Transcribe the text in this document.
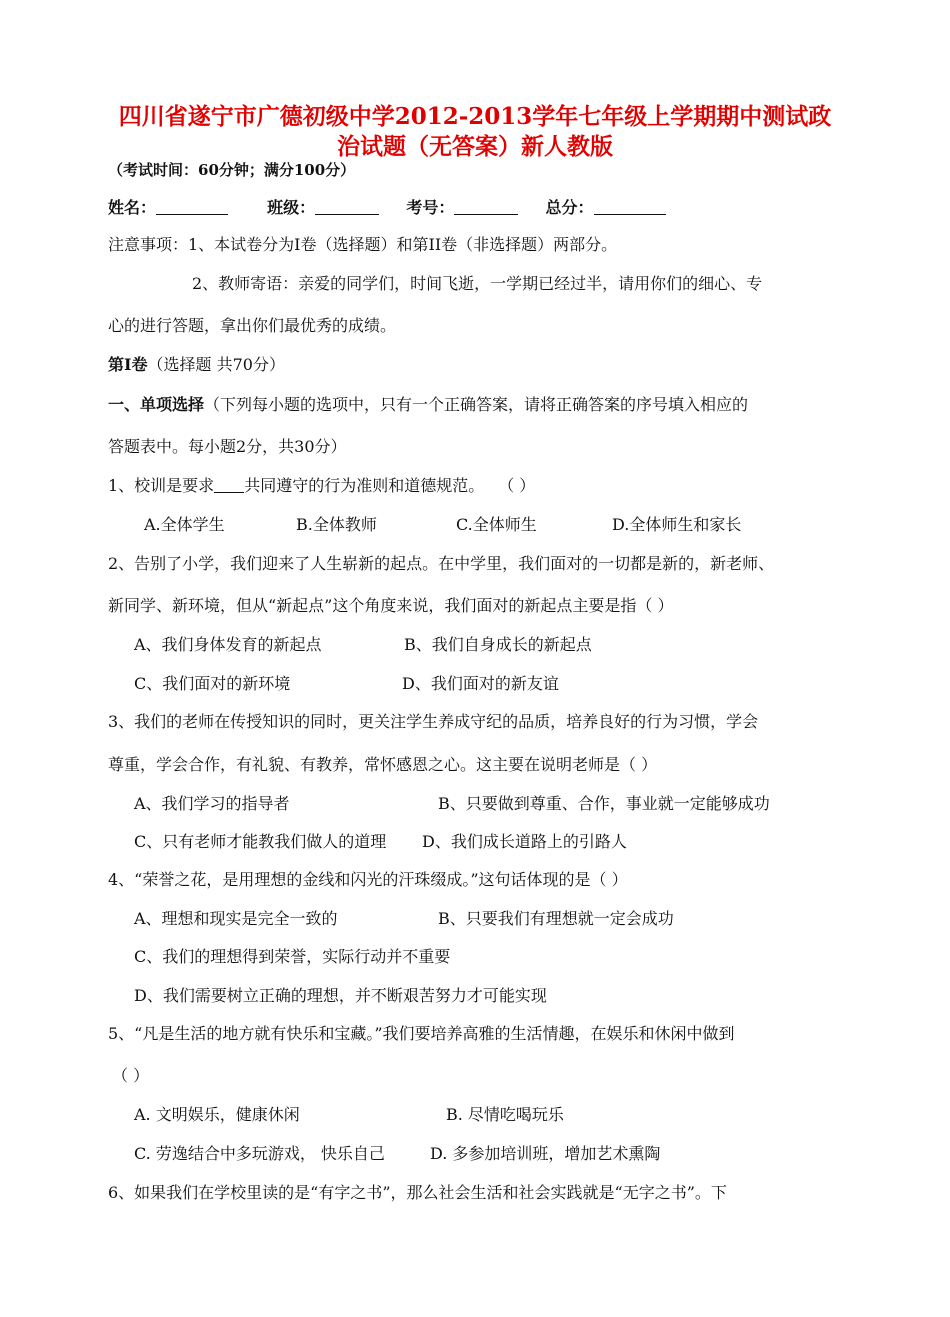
四川省遂宁市广德初级中学2012-2013学年七年级上学期期中测试政
治试题（无答案）新人教版
（考试时间：60分钟；满分100分）
姓名：	班级：	考号：	总分：
注意事项：1、本试卷分为Ⅰ卷（选择题）和第II卷（非选择题）两部分。
2、教师寄语：亲爱的同学们，时间飞逝，一学期已经过半，请用你们的细心、专
心的进行答题，拿出你们最优秀的成绩。
第Ⅰ卷（选择题 共70分）
一、单项选择（下列每小题的选项中，只有一个正确答案，请将正确答案的序号填入相应的
答题表中。每小题2分，共30分）
1、校训是要求 共同遵守的行为准则和道德规范。 （ ）
A.全体学生	B.全体教师	C.全体师生	D.全体师生和家长
2、告别了小学，我们迎来了人生崭新的起点。在中学里，我们面对的一切都是新的，新老师、
新同学、新环境，但从“新起点”这个角度来说，我们面对的新起点主要是指（ ）
A、我们身体发育的新起点	B、我们自身成长的新起点
C、我们面对的新环境	D、我们面对的新友谊
3、我们的老师在传授知识的同时，更关注学生养成守纪的品质，培养良好的行为习惯，学会
尊重，学会合作，有礼貌、有教养，常怀感恩之心。这主要在说明老师是（ ）
A、我们学习的指导者	B、只要做到尊重、合作，事业就一定能够成功
C、只有老师才能教我们做人的道理 D、我们成长道路上的引路人
4、“荣誉之花，是用理想的金线和闪光的汗珠缀成。”这句话体现的是（ ）
A、理想和现实是完全一致的	B、只要我们有理想就一定会成功
C、我们的理想得到荣誉，实际行动并不重要
D、我们需要树立正确的理想，并不断艰苦努力才可能实现
5、“凡是生活的地方就有快乐和宝藏。”我们要培养高雅的生活情趣，在娱乐和休闲中做到
（ ）
A. 文明娱乐，健康休闲	B. 尽情吃喝玩乐
C. 劳逸结合中多玩游戏， 快乐自己	D. 多参加培训班，增加艺术熏陶
6、如果我们在学校里读的是“有字之书”，那么社会生活和社会实践就是“无字之书”。下
